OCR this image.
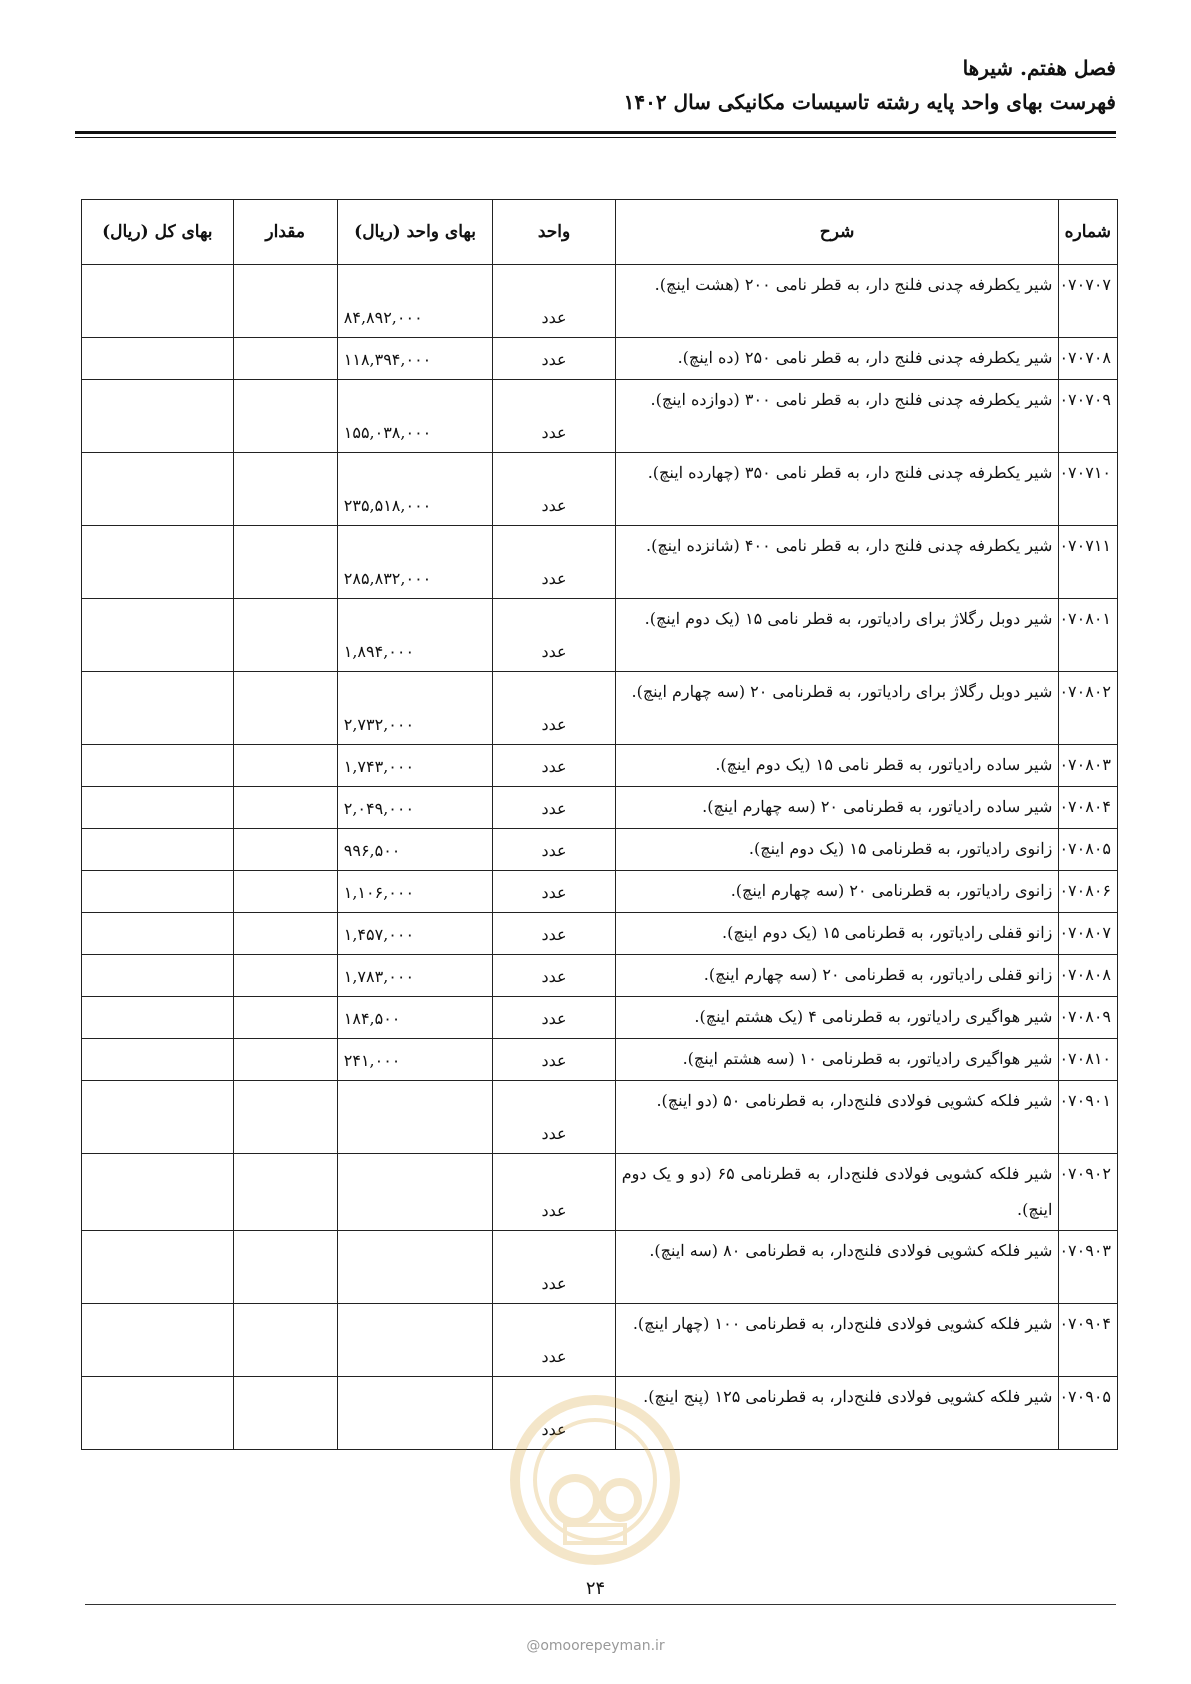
فصل هفتم. شیرها
فهرست بهای واحد پایه رشته تاسیسات مکانیکی سال ۱۴۰۲
شماره	شرح	واحد	بهای واحد (ریال)	مقدار	بهای کل (ریال)
۰۷۰۷۰۷	شیر یکطرفه چدنی فلنج دار، به قطر نامی ۲۰۰ (هشت اینچ).	عدد	۸۴,۸۹۲,۰۰۰		
۰۷۰۷۰۸	شیر یکطرفه چدنی فلنج دار، به قطر نامی ۲۵۰ (ده اینچ).	عدد	۱۱۸,۳۹۴,۰۰۰		
۰۷۰۷۰۹	شیر یکطرفه چدنی فلنج دار، به قطر نامی ۳۰۰ (دوازده اینچ).	عدد	۱۵۵,۰۳۸,۰۰۰		
۰۷۰۷۱۰	شیر یکطرفه چدنی فلنج دار، به قطر نامی ۳۵۰ (چهارده اینچ).	عدد	۲۳۵,۵۱۸,۰۰۰		
۰۷۰۷۱۱	شیر یکطرفه چدنی فلنج دار، به قطر نامی ۴۰۰ (شانزده اینچ).	عدد	۲۸۵,۸۳۲,۰۰۰		
۰۷۰۸۰۱	شیر دوبل رگلاژ برای رادیاتور، به قطر نامی ۱۵ (یک دوم اینچ).	عدد	۱,۸۹۴,۰۰۰		
۰۷۰۸۰۲	شیر دوبل رگلاژ برای رادیاتور، به قطرنامی ۲۰ (سه چهارم اینچ).	عدد	۲,۷۳۲,۰۰۰		
۰۷۰۸۰۳	شیر ساده رادیاتور، به قطر نامی ۱۵ (یک دوم اینچ).	عدد	۱,۷۴۳,۰۰۰		
۰۷۰۸۰۴	شیر ساده رادیاتور، به قطرنامی ۲۰ (سه چهارم اینچ).	عدد	۲,۰۴۹,۰۰۰		
۰۷۰۸۰۵	زانوی رادیاتور، به قطرنامی ۱۵ (یک دوم اینچ).	عدد	۹۹۶,۵۰۰		
۰۷۰۸۰۶	زانوی رادیاتور، به قطرنامی ۲۰ (سه چهارم اینچ).	عدد	۱,۱۰۶,۰۰۰		
۰۷۰۸۰۷	زانو قفلی رادیاتور، به قطرنامی ۱۵ (یک دوم اینچ).	عدد	۱,۴۵۷,۰۰۰		
۰۷۰۸۰۸	زانو قفلی رادیاتور، به قطرنامی ۲۰ (سه چهارم اینچ).	عدد	۱,۷۸۳,۰۰۰		
۰۷۰۸۰۹	شیر هواگیری رادیاتور، به قطرنامی ۴ (یک هشتم اینچ).	عدد	۱۸۴,۵۰۰		
۰۷۰۸۱۰	شیر هواگیری رادیاتور، به قطرنامی ۱۰ (سه هشتم اینچ).	عدد	۲۴۱,۰۰۰		
۰۷۰۹۰۱	شیر فلکه کشویی فولادی فلنج‌دار، به قطرنامی ۵۰ (دو اینچ).	عدد			
۰۷۰۹۰۲	شیر فلکه کشویی فولادی فلنج‌دار، به قطرنامی ۶۵ (دو و یک دوم اینچ).	عدد			
۰۷۰۹۰۳	شیر فلکه کشویی فولادی فلنج‌دار، به قطرنامی ۸۰ (سه اینچ).	عدد			
۰۷۰۹۰۴	شیر فلکه کشویی فولادی فلنج‌دار، به قطرنامی ۱۰۰ (چهار اینچ).	عدد			
۰۷۰۹۰۵	شیر فلکه کشویی فولادی فلنج‌دار، به قطرنامی ۱۲۵ (پنج اینچ).	عدد			
۲۴
@omoorepeyman.ir
